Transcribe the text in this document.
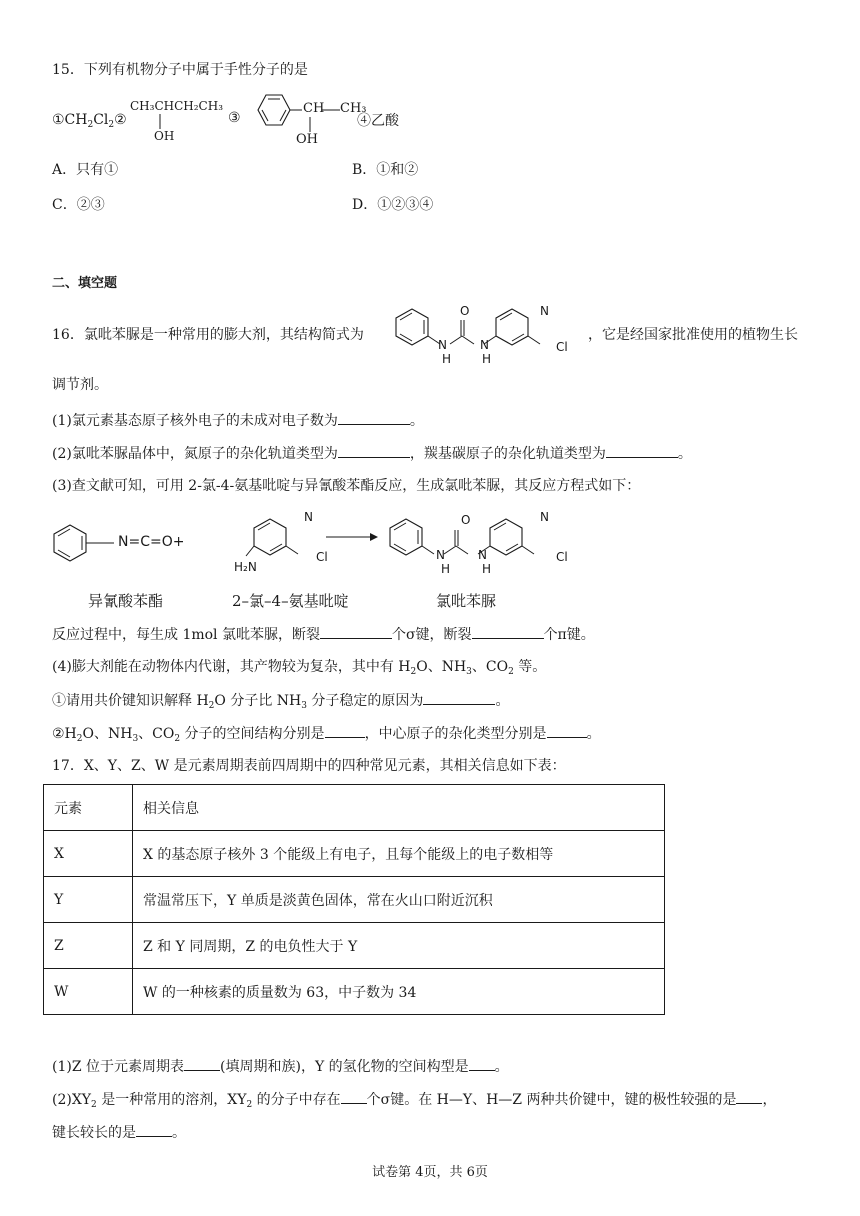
15．下列有机物分子中属于手性分子的是
$①CH_2Cl_2②$
CH₃CHCH₂CH₃
OH
③
CH CH₃
OH
④乙酸
A．只有①	B．①和②
C．②③	D．①②③④
二、填空题
16．氯吡苯脲是一种常用的膨大剂，其结构简式为
O
N
H
N
H
N
Cl
，它是经国家批准使用的植物生长
调节剂。
(1)氯元素基态原子核外电子的未成对电子数为	。
(2)氯吡苯脲晶体中，氮原子的杂化轨道类型为	，羰基碳原子的杂化轨道类型为	。
(3)查文献可知，可用 2-氯-4-氨基吡啶与异氰酸苯酯反应，生成氯吡苯脲，其反应方程式如下：
N=C=O+
N
Cl
H₂N
O
N
H
N
H
N
Cl
异氰酸苯酯	2–氯–4–氨基吡啶	氯吡苯脲
反应过程中，每生成 1mol 氯吡苯脲，断裂	个σ键，断裂	个π键。
(4)膨大剂能在动物体内代谢，其产物较为复杂，其中有 $H_2O$、$NH_3$、$CO_2$ 等。
①请用共价键知识解释 $H_2O$ 分子比 $NH_3$ 分子稳定的原因为	。
$②H_2O$、$NH_3$、$CO_2$ 分子的空间结构分别是	，中心原子的杂化类型分别是	。
17．X、Y、Z、W 是元素周期表前四周期中的四种常见元素，其相关信息如下表：
元素	相关信息
X	X 的基态原子核外 3 个能级上有电子，且每个能级上的电子数相等
Y	常温常压下，Y 单质是淡黄色固体，常在火山口附近沉积
Z	Z 和 Y 同周期，Z 的电负性大于 Y
W	W 的一种核素的质量数为 63，中子数为 34
(1)Z 位于元素周期表	(填周期和族)，Y 的氢化物的空间构型是 。
$(2)XY_2$ 是一种常用的溶剂，$XY_2$ 的分子中存在 个σ键。在 H—Y、H—Z 两种共价键中，键的极性较强的是 ，
键长较长的是	。
试卷第 4页，共 6页
